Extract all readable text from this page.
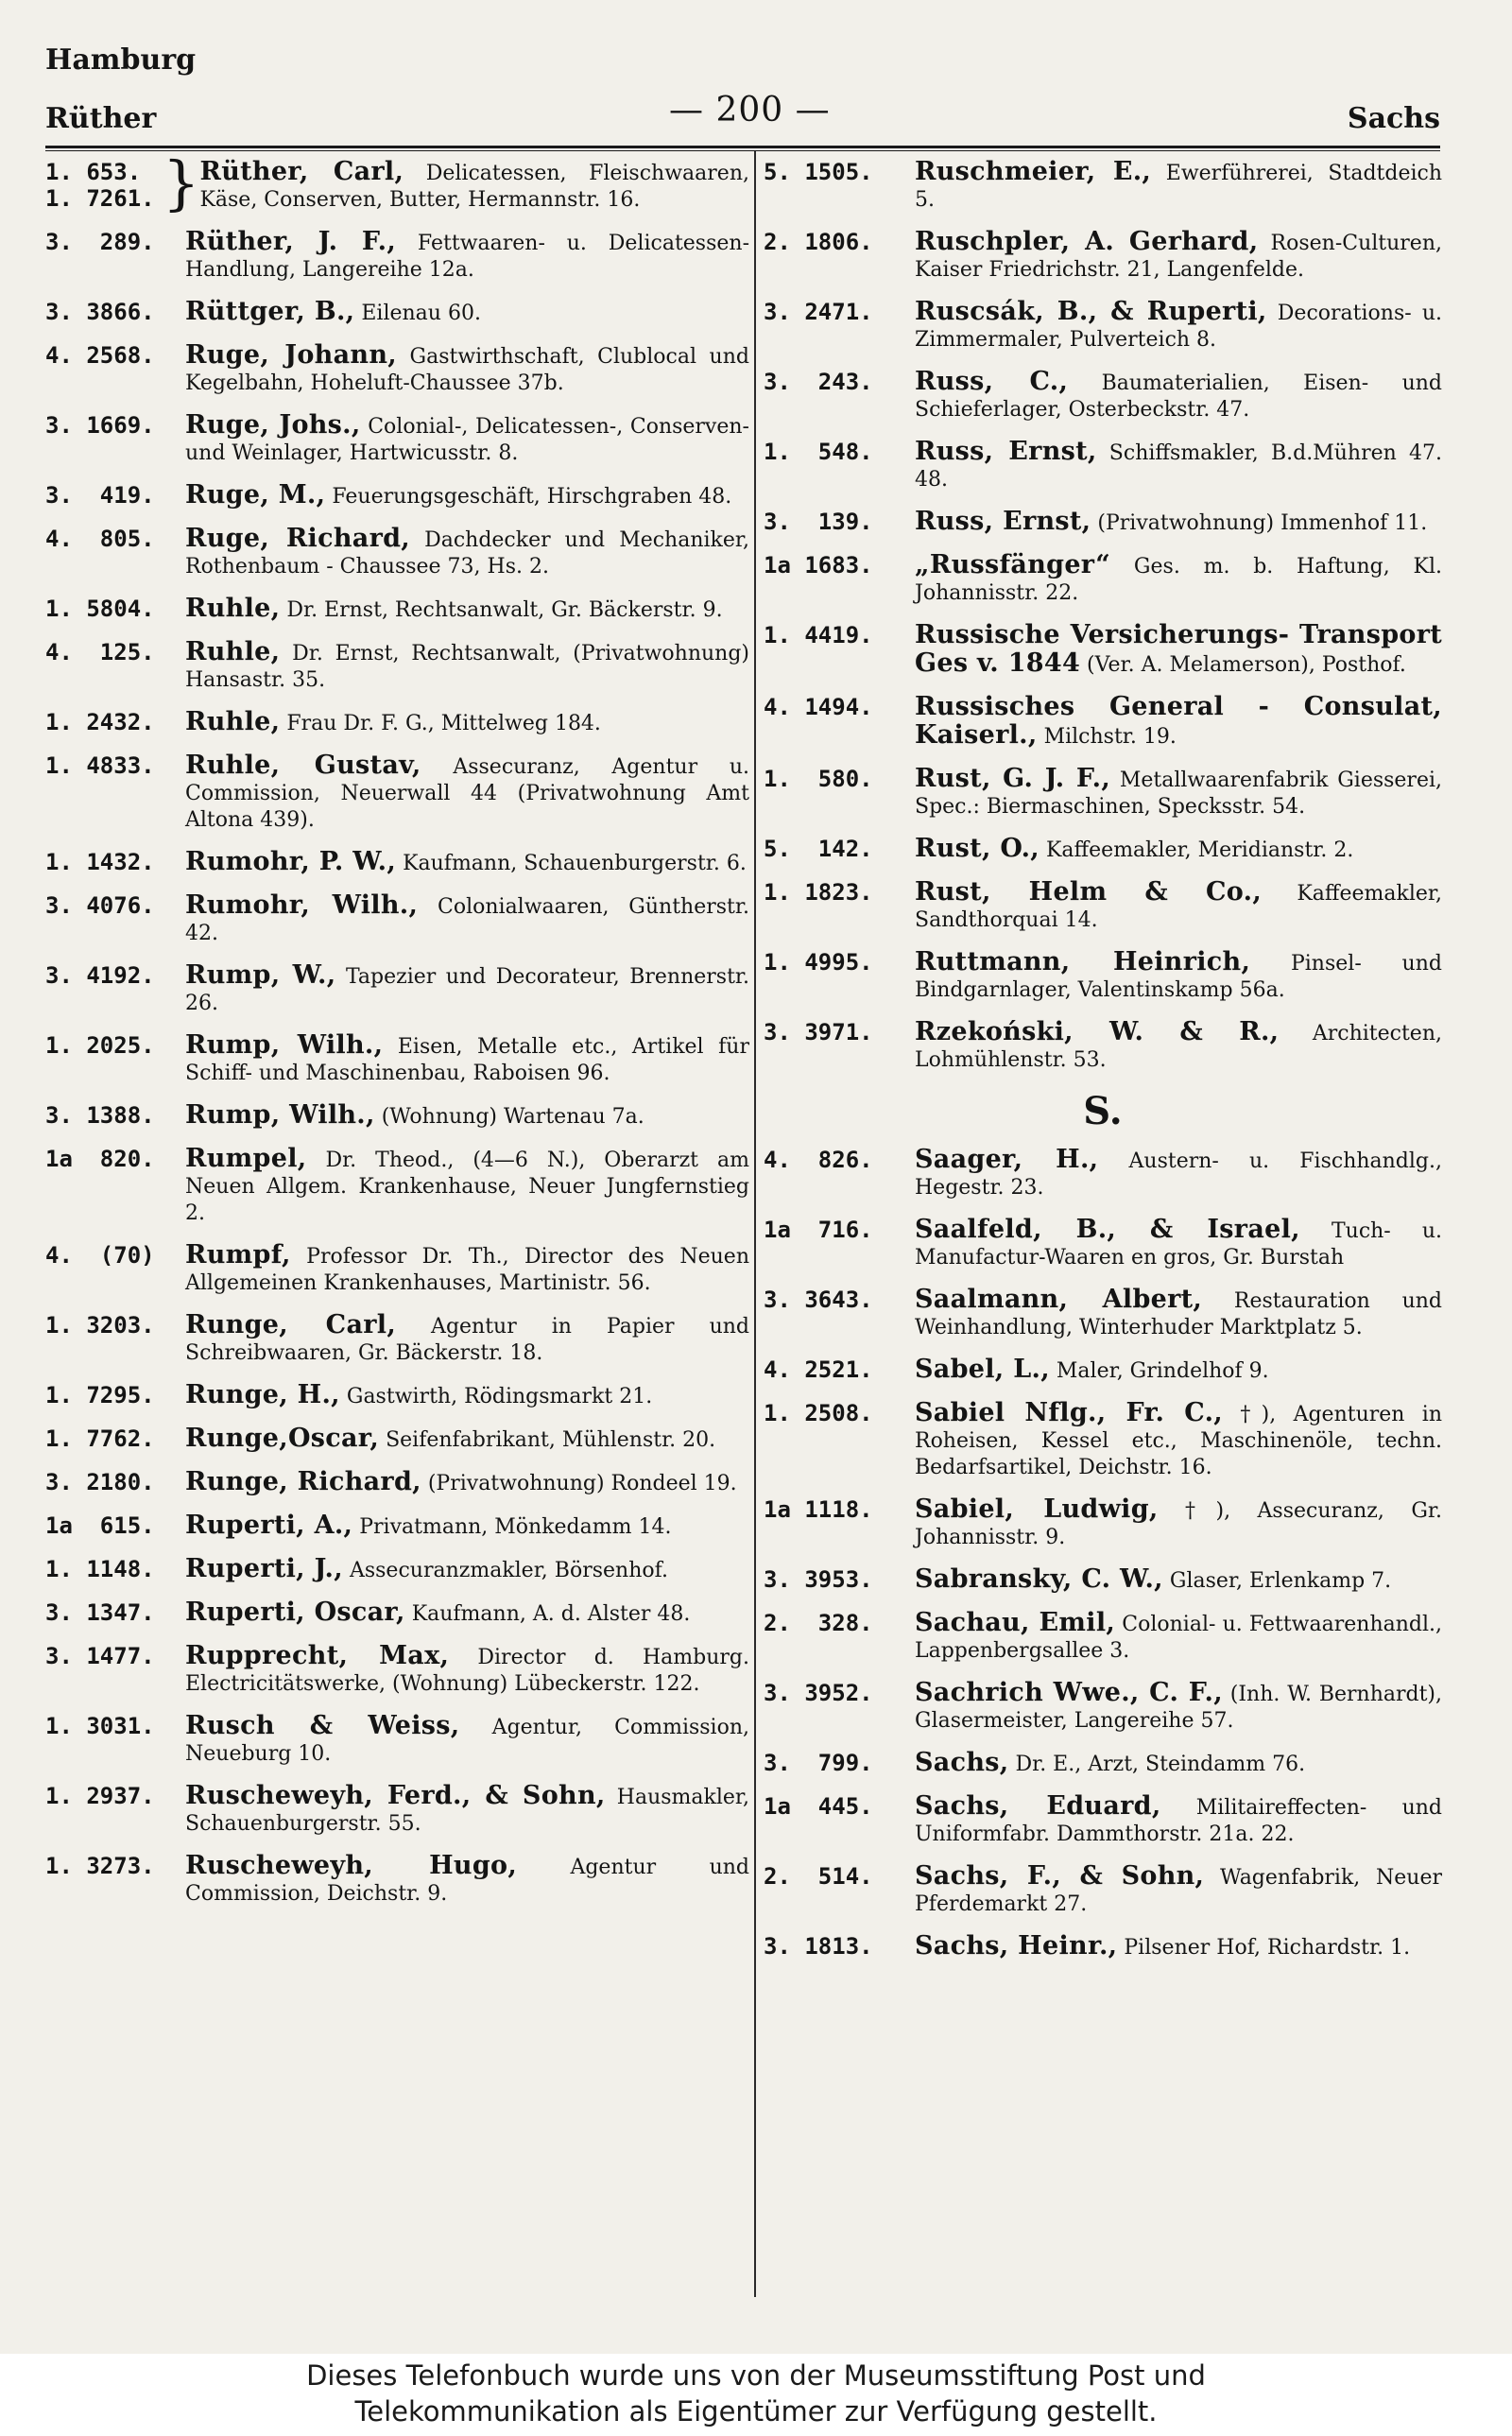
Hamburg
Rüther	— 200 —	Sachs
1. 653.
1. 7261. } Rüther, Carl, Delicatessen, Fleischwaaren, Käse, Conserven, Butter, Hermannstr. 16.
3.  289.	Rüther, J. F., Fettwaaren- u. Delicatessen-Handlung, Langereihe 12a.
3. 3866.	Rüttger, B., Eilenau 60.
4. 2568.	Ruge, Johann, Gastwirthschaft, Clublocal und Kegelbahn, Hoheluft-Chaussee 37b.
3. 1669.	Ruge, Johs., Colonial-, Delicatessen-, Conserven- und Weinlager, Hartwicusstr. 8.
3.  419.	Ruge, M., Feuerungsgeschäft, Hirschgraben 48.
4.  805.	Ruge, Richard, Dachdecker und Mechaniker, Rothenbaum - Chaussee 73, Hs. 2.
1. 5804.	Ruhle, Dr. Ernst, Rechtsanwalt, Gr. Bäckerstr. 9.
4.  125.	Ruhle, Dr. Ernst, Rechtsanwalt, (Privatwohnung) Hansastr. 35.
1. 2432.	Ruhle, Frau Dr. F. G., Mittelweg 184.
1. 4833.	Ruhle, Gustav, Assecuranz, Agentur u. Commission, Neuerwall 44 (Privatwohnung Amt Altona 439).
1. 1432.	Rumohr, P. W., Kaufmann, Schauenburgerstr. 6.
3. 4076.	Rumohr, Wilh., Colonialwaaren, Güntherstr. 42.
3. 4192.	Rump, W., Tapezier und Decorateur, Brennerstr. 26.
1. 2025.	Rump, Wilh., Eisen, Metalle etc., Artikel für Schiff- und Maschinenbau, Raboisen 96.
3. 1388.	Rump, Wilh., (Wohnung) Wartenau 7a.
1a  820.	Rumpel, Dr. Theod., (4—6 N.), Oberarzt am Neuen Allgem. Krankenhause, Neuer Jungfernstieg 2.
4.  (70)	Rumpf, Professor Dr. Th., Director des Neuen Allgemeinen Krankenhauses, Martinistr. 56.
1. 3203.	Runge, Carl, Agentur in Papier und Schreibwaaren, Gr. Bäckerstr. 18.
1. 7295.	Runge, H., Gastwirth, Rödingsmarkt 21.
1. 7762.	Runge,Oscar, Seifenfabrikant, Mühlenstr. 20.
3. 2180.	Runge, Richard, (Privatwohnung) Rondeel 19.
1a  615.	Ruperti, A., Privatmann, Mönkedamm 14.
1. 1148.	Ruperti, J., Assecuranzmakler, Börsenhof.
3. 1347.	Ruperti, Oscar, Kaufmann, A. d. Alster 48.
3. 1477.	Rupprecht, Max, Director d. Hamburg. Electricitätswerke, (Wohnung) Lübeckerstr. 122.
1. 3031.	Rusch & Weiss, Agentur, Commission, Neueburg 10.
1. 2937.	Ruscheweyh, Ferd., & Sohn, Hausmakler, Schauenburgerstr. 55.
1. 3273.	Ruscheweyh, Hugo, Agentur und Commission, Deichstr. 9.
5. 1505.	Ruschmeier, E., Ewerführerei, Stadtdeich 5.
2. 1806.	Ruschpler, A. Gerhard, Rosen-Culturen, Kaiser Friedrichstr. 21, Langenfelde.
3. 2471.	Ruscsák, B., & Ruperti, Decorations- u. Zimmermaler, Pulverteich 8.
3.  243.	Russ, C., Baumaterialien, Eisen- und Schieferlager, Osterbeckstr. 47.
1.  548.	Russ, Ernst, Schiffsmakler, B.d.Mühren 47. 48.
3.  139.	Russ, Ernst, (Privatwohnung) Immenhof 11.
1a 1683.	„Russfänger“ Ges. m. b. Haftung, Kl. Johannisstr. 22.
1. 4419.	Russische Versicherungs- Transport Ges v. 1844 (Ver. A. Melamerson), Posthof.
4. 1494.	Russisches General - Consulat, Kaiserl., Milchstr. 19.
1.  580.	Rust, G. J. F., Metallwaarenfabrik Giesserei, Spec.: Biermaschinen, Specksstr. 54.
5.  142.	Rust, O., Kaffeemakler, Meridianstr. 2.
1. 1823.	Rust, Helm & Co., Kaffeemakler, Sandthorquai 14.
1. 4995.	Ruttmann, Heinrich, Pinsel- und Bindgarnlager, Valentinskamp 56a.
3. 3971.	Rzekoński, W. & R., Architecten, Lohmühlenstr. 53.
S.
4.  826.	Saager, H., Austern- u. Fischhandlg., Hegestr. 23.
1a  716.	Saalfeld, B., & Israel, Tuch- u. Manufactur-Waaren en gros, Gr. Burstah
3. 3643.	Saalmann, Albert, Restauration und Weinhandlung, Winterhuder Marktplatz 5.
4. 2521.	Sabel, L., Maler, Grindelhof 9.
1. 2508.	Sabiel Nflg., Fr. C., †), Agenturen in Roheisen, Kessel etc., Maschinenöle, techn. Bedarfsartikel, Deichstr. 16.
1a 1118.	Sabiel, Ludwig, †), Assecuranz, Gr. Johannisstr. 9.
3. 3953.	Sabransky, C. W., Glaser, Erlenkamp 7.
2.  328.	Sachau, Emil, Colonial- u. Fettwaarenhandl., Lappenbergsallee 3.
3. 3952.	Sachrich Wwe., C. F., (Inh. W. Bernhardt), Glasermeister, Langereihe 57.
3.  799.	Sachs, Dr. E., Arzt, Steindamm 76.
1a  445.	Sachs, Eduard, Militaireffecten- und Uniformfabr. Dammthorstr. 21a. 22.
2.  514.	Sachs, F., & Sohn, Wagenfabrik, Neuer Pferdemarkt 27.
3. 1813.	Sachs, Heinr., Pilsener Hof, Richardstr. 1.
Dieses Telefonbuch wurde uns von der Museumsstiftung Post und
Telekommunikation als Eigentümer zur Verfügung gestellt.
